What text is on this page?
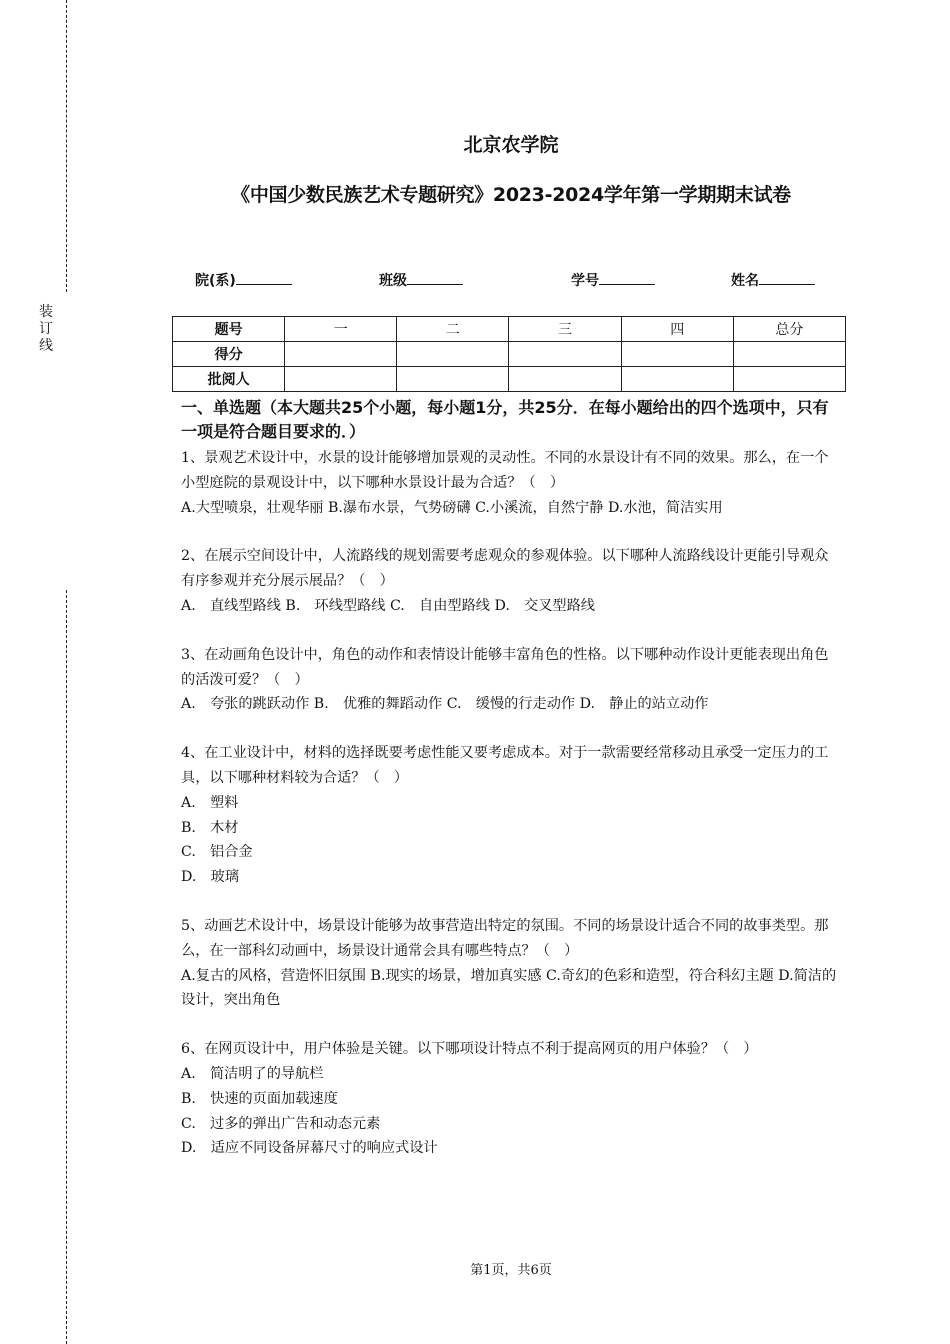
装
订
线
北京农学院
《中国少数民族艺术专题研究》2023-2024学年第一学期期末试卷
院(系)	班级	学号	姓名
题号	一	二	三	四	总分
得分					
批阅人					
一、单选题（本大题共25个小题，每小题1分，共25分．在每小题给出的四个选项中，只有一项是符合题目要求的．）

1、景观艺术设计中，水景的设计能够增加景观的灵动性。不同的水景设计有不同的效果。那么，在一个小型庭院的景观设计中，以下哪种水景设计最为合适？（　）

A.大型喷泉，壮观华丽 B.瀑布水景，气势磅礴 C.小溪流，自然宁静 D.水池，简洁实用

2、在展示空间设计中，人流路线的规划需要考虑观众的参观体验。以下哪种人流路线设计更能引导观众有序参观并充分展示展品？（　）

A.　直线型路线 B.　环线型路线 C.　自由型路线 D.　交叉型路线

3、在动画角色设计中，角色的动作和表情设计能够丰富角色的性格。以下哪种动作设计更能表现出角色的活泼可爱？（　）

A.　夸张的跳跃动作 B.　优雅的舞蹈动作 C.　缓慢的行走动作 D.　静止的站立动作

4、在工业设计中，材料的选择既要考虑性能又要考虑成本。对于一款需要经常移动且承受一定压力的工具，以下哪种材料较为合适？（　）

A.　塑料

B.　木材

C.　铝合金

D.　玻璃

5、动画艺术设计中，场景设计能够为故事营造出特定的氛围。不同的场景设计适合不同的故事类型。那么，在一部科幻动画中，场景设计通常会具有哪些特点？（　）

A.复古的风格，营造怀旧氛围 B.现实的场景，增加真实感 C.奇幻的色彩和造型，符合科幻主题 D.简洁的设计，突出角色

6、在网页设计中，用户体验是关键。以下哪项设计特点不利于提高网页的用户体验？（　）

A.　简洁明了的导航栏

B.　快速的页面加载速度

C.　过多的弹出广告和动态元素

D.　适应不同设备屏幕尺寸的响应式设计

第1页，共6页
